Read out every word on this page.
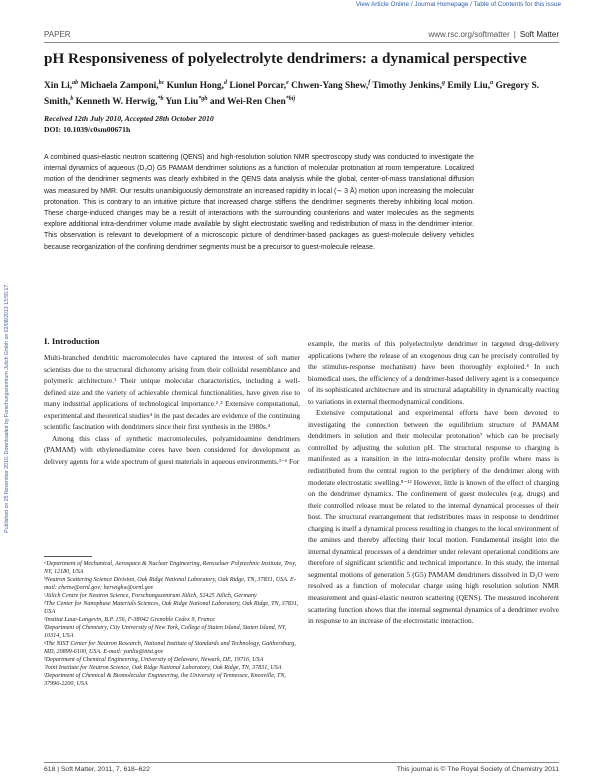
View Article Online / Journal Homepage / Table of Contents for this issue
PAPER	www.rsc.org/softmatter | Soft Matter
Published on 25 November 2010. Downloaded by Forschungszentrum Julich Gmbh on 02/08/2013 13:55:17.
pH Responsiveness of polyelectrolyte dendrimers: a dynamical perspective
Xin Li,$^{ab}$ Michaela Zamponi,$^{bc}$ Kunlun Hong,$^d$ Lionel Porcar,$^e$ Chwen-Yang Shew,$^f$ Timothy Jenkins,$^g$ Emily Liu,$^a$ Gregory S. Smith,$^b$ Kenneth W. Herwig,$^{*b}$ Yun Liu$^{*gh}$ and Wei-Ren Chen$^{*bij}$
Received 12th July 2010, Accepted 28th October 2010
DOI: 10.1039/c0sm00671h
A combined quasi-elastic neutron scattering (QENS) and high-resolution solution NMR spectroscopy study was conducted to investigate the internal dynamics of aqueous (D₂O) G5 PAMAM dendrimer solutions as a function of molecular protonation at room temperature. Localized motion of the dendrimer segments was clearly exhibited in the QENS data analysis while the global, center-of-mass translational diffusion was measured by NMR. Our results unambiguously demonstrate an increased rapidity in local (∼ 3 Å) motion upon increasing the molecular protonation. This is contrary to an intuitive picture that increased charge stiffens the dendrimer segments thereby inhibiting local motion. These charge-induced changes may be a result of interactions with the surrounding counterions and water molecules as the segments explore additional intra-dendrimer volume made available by slight electrostatic swelling and redistribution of mass in the dendrimer interior. This observation is relevant to development of a microscopic picture of dendrimer-based packages as guest-molecule delivery vehicles because reorganization of the confining dendrimer segments must be a precursor to guest-molecule release.
I. Introduction

Multi-branched dendritic macromolecules have captured the interest of soft matter scientists due to the structural dichotomy arising from their colloidal resemblance and polymeric architecture.¹ Their unique molecular characteristics, including a well-defined size and the variety of achievable chemical functionalities, have given rise to many industrial applications of technological importance.²˒³ Extensive computational, experimental and theoretical studies⁴ in the past decades are evidence of the continuing scientific fascination with dendrimers since their first synthesis in the 1980s.⁴

Among this class of synthetic macromolecules, polyamidoamine dendrimers (PAMAM) with ethylenediamine cores have been considered for development as delivery agents for a wide spectrum of guest materials in aqueous environments.³⁻⁶ For

ᵃDepartment of Mechanical, Aerospace & Nuclear Engineering, Rensselaer Polytechnic Institute, Troy, NY, 12180, USA

ᵇNeutron Scattering Science Division, Oak Ridge National Laboratory, Oak Ridge, TN, 37831, USA. E-mail: chenw@ornl.gov; herwigkw@ornl.gov

ᶜJülich Centre for Neutron Science, Forschungszentrum Jülich, 52425 Jülich, Germany

ᵈThe Center for Nanophase Materials Sciences, Oak Ridge National Laboratory, Oak Ridge, TN, 37831, USA

ᵉInstitut Laue-Langevin, B.P. 156, F-38042 Grenoble Cedex 9, France

ᶠDepartment of Chemistry, City University of New York, College of Staten Island, Staten Island, NY, 10314, USA

ᵍThe NIST Center for Neutron Research, National Institute of Standards and Technology, Gaithersburg, MD, 20899-6100, USA. E-mail: yunliu@nist.gov

ʰDepartment of Chemical Engineering, University of Delaware, Newark, DE, 19716, USA

ⁱJoint Institute for Neutron Science, Oak Ridge National Laboratory, Oak Ridge, TN, 37831, USA

ʲDepartment of Chemical & Biomolecular Engineering, the University of Tennessee, Knoxville, TN, 37996-2200, USA

example, the merits of this polyelectrolyte dendrimer in targeted drug-delivery applications (where the release of an exogenous drug can be precisely controlled by the stimulus-response mechanism) have been thoroughly exploited.⁴ In such biomedical uses, the efficiency of a dendrimer-based delivery agent is a consequence of its sophisticated architecture and its structural adaptability in dynamically reacting to variations in external thermodynamical conditions.

Extensive computational and experimental efforts have been devoted to investigating the connection between the equilibrium structure of PAMAM dendrimers in solution and their molecular protonation⁷ which can be precisely controlled by adjusting the solution pH. The structural response to charging is manifested as a transition in the intra-molecular density profile where mass is redistributed from the central region to the periphery of the dendrimer along with moderate electrostatic swelling.⁸⁻¹² However, little is known of the effect of charging on the dendrimer dynamics. The confinement of guest molecules (e.g. drugs) and their controlled release must be related to the internal dynamical processes of their host. The structural rearrangement that redistributes mass in response to dendrimer charging is itself a dynamical process resulting in changes to the local environment of the amines and thereby affecting their local motion. Fundamental insight into the internal dynamical processes of a dendrimer under relevant operational conditions are therefore of significant scientific and technical importance. In this study, the internal segmental motions of generation 5 (G5) PAMAM dendrimers dissolved in D₂O were resolved as a function of molecular charge using high resolution solution NMR measurement and quasi-elastic neutron scattering (QENS). The measured incoherent scattering function shows that the internal segmental dynamics of a dendrimer evolve in response to an increase of the electrostatic interaction.

618 | Soft Matter, 2011, 7, 618–622	This journal is © The Royal Society of Chemistry 2011
